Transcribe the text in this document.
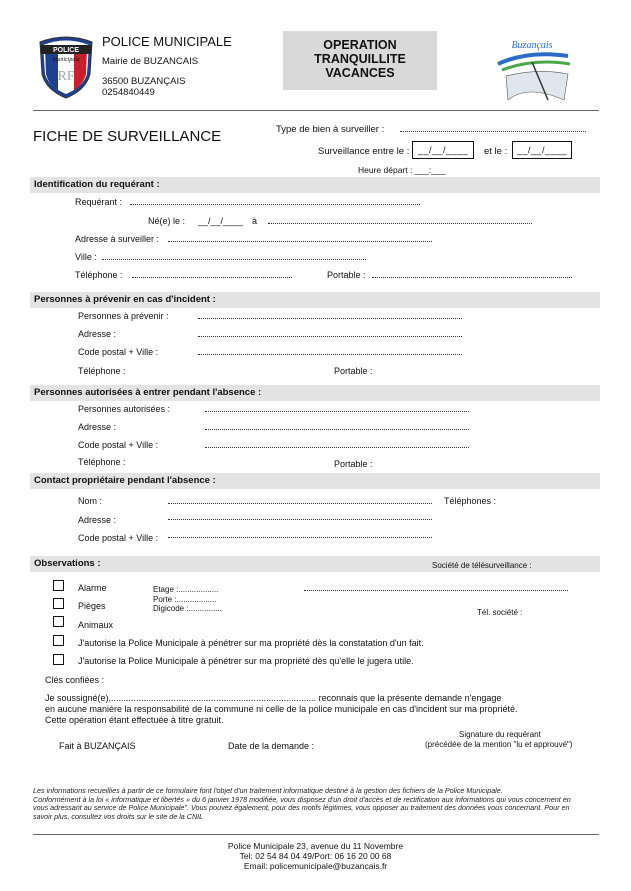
POLICE
Municipale
RF
POLICE MUNICIPALE
Mairie de BUZANCAIS
36500 BUZANÇAIS
0254840449
OPERATION
TRANQUILLITE
VACANCES
Buzançais
FICHE DE SURVEILLANCE	Type de bien à surveiller :
Surveillance entre le : __/__/____	et le :	__/__/____
Heure départ : ___:___
Identification du requérant :
Requérant :
Né(e) le : __/__/____ à
Adresse à surveiller :
Ville :
Téléphone :	Portable :
Personnes à prévenir en cas d'incident :
Personnes à prévenir :
Adresse :
Code postal + Ville :
Téléphone :	Portable :
Personnes autorisées à entrer pendant l'absence :
Personnes autorisées :
Adresse :
Code postal + Ville :
Téléphone :	Portable :
Contact propriétaire pendant l'absence :
Nom :	Téléphones :
Adresse :
Code postal + Ville :
Observations :	Société de télésurveillance :
Alarme
Pièges
Animaux
Etage :..................
Porte :..................
Digicode :...............	Tél. société :
J'autorise la Police Municipale à pénétrer sur ma propriété dès la constatation d'un fait.
J'autorise la Police Municipale à pénétrer sur ma propriété dès qu'elle le jugera utile.
Clés confiées :
Je soussigné(e),.................................................................................. reconnais que la présente demande n'engage
en aucune manière la responsabilité de la commune ni celle de la police municipale en cas d'incident sur ma propriété.
Cette opération étant effectuée à titre gratuit.
Signature du requérant
(précédée de la mention "lu et approuvé")
Fait à BUZANÇAIS	Date de la demande :
Les informations recueillies à partir de ce formulaire font l'objet d'un traitement informatique destiné à la gestion des fichiers de la Police Municipale.
Conformément à la loi « informatique et libertés » du 6 janvier 1978 modifiée, vous disposez d'un droit d'accès et de rectification aux informations qui vous concernent en
vous adressant au service de Police Municipale". Vous pouvez également, pour des motifs légitimes, vous opposer au traitement des données vous concernant. Pour en
savoir plus, consultez vos droits sur le site de la CNIL
Police Municipale 23, avenue du 11 Novembre
Tel: 02 54 84 04 49/Port: 06 16 20 00 68
Email: policemunicipale@buzancais.fr
